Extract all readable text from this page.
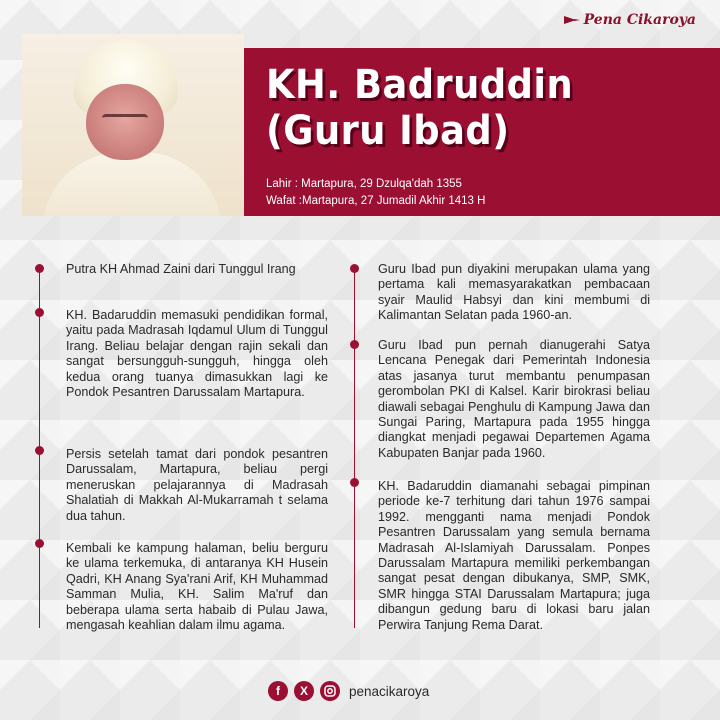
Pena Cikaroya
KH. Badruddin
(Guru Ibad)
Lahir : Martapura, 29 Dzulqa'dah 1355
Wafat :Martapura, 27 Jumadil Akhir 1413 H

Putra KH Ahmad Zaini dari Tunggul Irang

KH. Badaruddin memasuki pendidikan formal, yaitu pada Madrasah Iqdamul Ulum di Tunggul Irang. Beliau belajar dengan rajin sekali dan sangat bersungguh-sungguh, hingga oleh kedua orang tuanya dimasukkan lagi ke Pondok Pesantren Darussalam Martapura.

Persis setelah tamat dari pondok pesantren Darussalam, Martapura, beliau pergi meneruskan pelajarannya di Madrasah Shalatiah di Makkah Al-Mukarramah t selama dua tahun.

Kembali ke kampung halaman, beliu berguru ke ulama terkemuka, di antaranya KH Husein Qadri, KH Anang Sya'rani Arif, KH Muhammad Samman Mulia, KH. Salim Ma'ruf dan beberapa ulama serta habaib di Pulau Jawa, mengasah keahlian dalam ilmu agama.

Guru Ibad pun diyakini merupakan ulama yang pertama kali memasyarakatkan pembacaan syair Maulid Habsyi dan kini membumi di Kalimantan Selatan pada 1960-an.

Guru Ibad pun pernah dianugerahi Satya Lencana Penegak dari Pemerintah Indonesia atas jasanya turut membantu penumpasan gerombolan PKI di Kalsel. Karir birokrasi beliau diawali sebagai Penghulu di Kampung Jawa dan Sungai Paring, Martapura pada 1955 hingga diangkat menjadi pegawai Departemen Agama Kabupaten Banjar pada 1960.

KH. Badaruddin diamanahi sebagai pimpinan periode ke-7 terhitung dari tahun 1976 sampai 1992. mengganti nama menjadi Pondok Pesantren Darussalam yang semula bernama Madrasah Al-Islamiyah Darussalam. Ponpes Darussalam Martapura memiliki perkembangan sangat pesat dengan dibukanya, SMP, SMK, SMR hingga STAI Darussalam Martapura; juga dibangun gedung baru di lokasi baru jalan Perwira Tanjung Rema Darat.

f	X	penacikaroya
